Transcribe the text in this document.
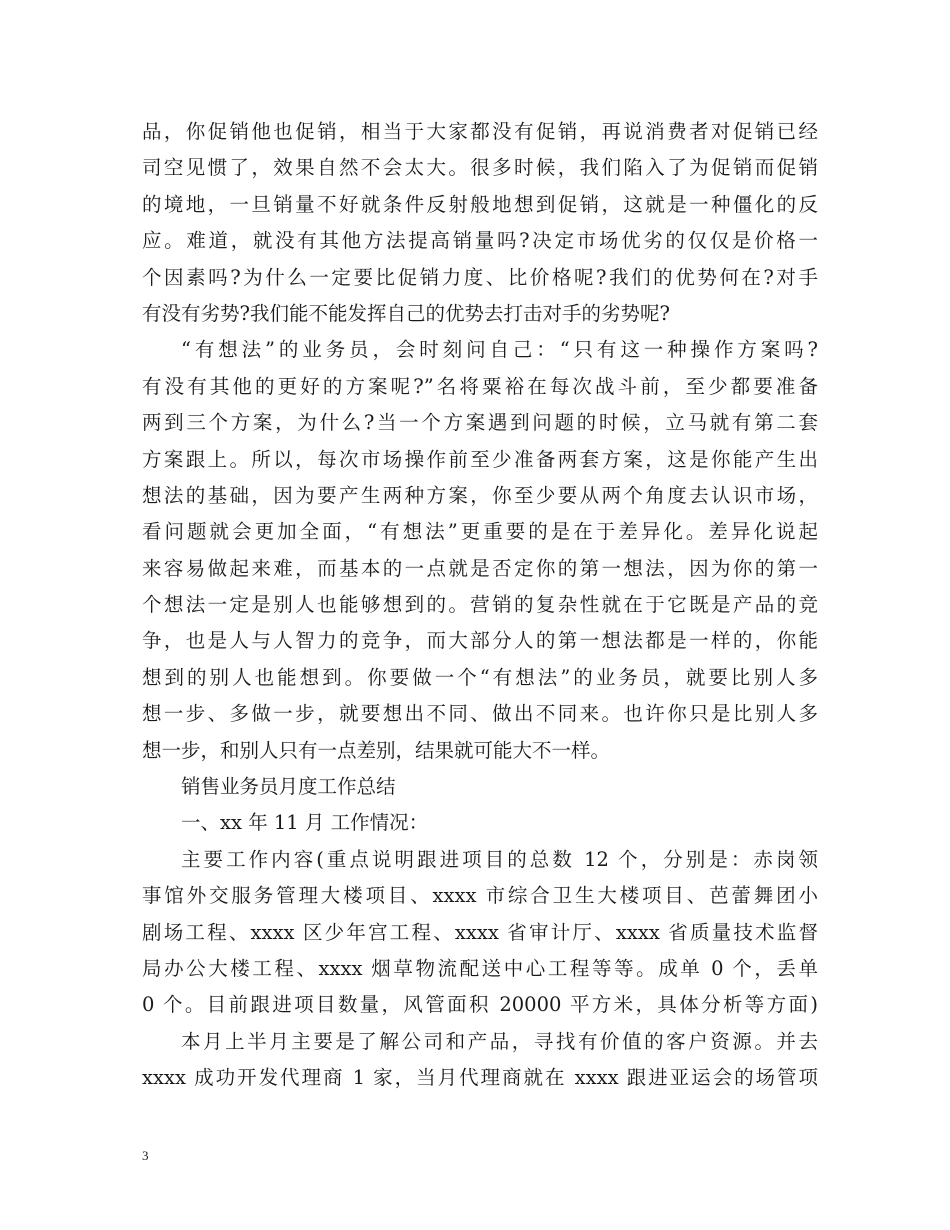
品，你促销他也促销，相当于大家都没有促销，再说消费者对促销已经
司空见惯了，效果自然不会太大。很多时候，我们陷入了为促销而促销
的境地，一旦销量不好就条件反射般地想到促销，这就是一种僵化的反
应。难道，就没有其他方法提高销量吗?决定市场优劣的仅仅是价格一
个因素吗?为什么一定要比促销力度、比价格呢?我们的优势何在?对手
有没有劣势?我们能不能发挥自己的优势去打击对手的劣势呢?
“有想法”的业务员，会时刻问自己：“只有这一种操作方案吗?
有没有其他的更好的方案呢?”名将粟裕在每次战斗前，至少都要准备
两到三个方案，为什么?当一个方案遇到问题的时候，立马就有第二套
方案跟上。所以，每次市场操作前至少准备两套方案，这是你能产生出
想法的基础，因为要产生两种方案，你至少要从两个角度去认识市场，
看问题就会更加全面，“有想法”更重要的是在于差异化。差异化说起
来容易做起来难，而基本的一点就是否定你的第一想法，因为你的第一
个想法一定是别人也能够想到的。营销的复杂性就在于它既是产品的竞
争，也是人与人智力的竞争，而大部分人的第一想法都是一样的，你能
想到的别人也能想到。你要做一个“有想法”的业务员，就要比别人多
想一步、多做一步，就要想出不同、做出不同来。也许你只是比别人多
想一步，和别人只有一点差别，结果就可能大不一样。
销售业务员月度工作总结
一、xx 年 11 月 工作情况：
主要工作内容(重点说明跟进项目的总数 12 个，分别是：赤岗领
事馆外交服务管理大楼项目、xxxx 市综合卫生大楼项目、芭蕾舞团小
剧场工程、xxxx 区少年宫工程、xxxx 省审计厅、xxxx 省质量技术监督
局办公大楼工程、xxxx 烟草物流配送中心工程等等。成单 0 个，丢单
0 个。目前跟进项目数量，风管面积 20000 平方米，具体分析等方面)
本月上半月主要是了解公司和产品，寻找有价值的客户资源。并去
xxxx 成功开发代理商 1 家，当月代理商就在 xxxx 跟进亚运会的场管项
3
